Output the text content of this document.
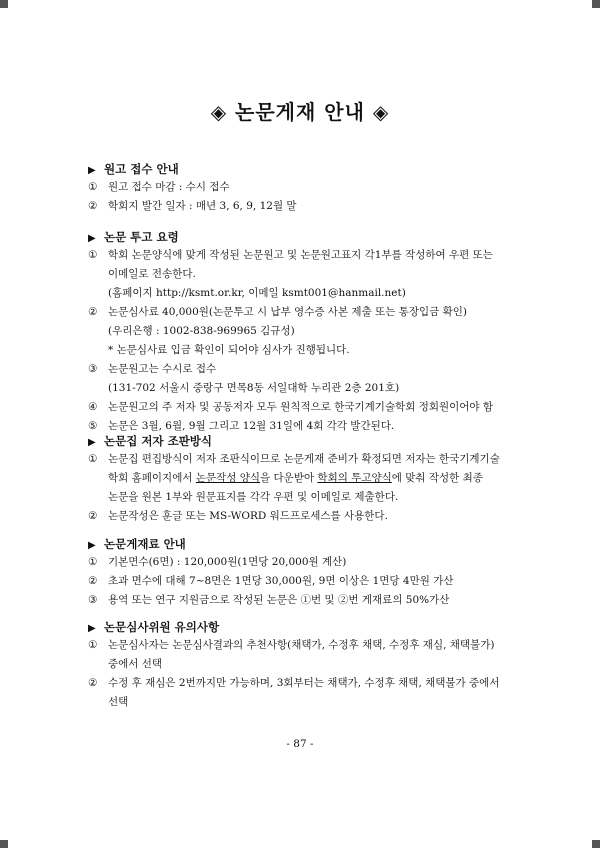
◈ 논문게재 안내 ◈
▶ 원고 접수 안내
① 원고 접수 마감 : 수시 접수
② 학회지 발간 일자 : 매년 3, 6, 9, 12월 말
▶ 논문 투고 요령
① 학회 논문양식에 맞게 작성된 논문원고 및 논문원고표지 각1부를 작성하여 우편 또는
이메일로 전송한다.
(홈페이지 http://ksmt.or.kr, 이메일 ksmt001@hanmail.net)
② 논문심사료 40,000원(논문투고 시 납부 영수증 사본 제출 또는 통장입금 확인)
(우리은행 : 1002-838-969965 김규성)
* 논문심사료 입금 확인이 되어야 심사가 진행됩니다.
③ 논문원고는 수시로 접수
(131-702 서울시 중랑구 면목8동 서일대학 누리관 2층 201호)
④ 논문원고의 주 저자 및 공동저자 모두 원칙적으로 한국기계기술학회 정회원이어야 함
⑤ 논문은 3월, 6월, 9월 그리고 12월 31일에 4회 각각 발간된다.
▶ 논문집 저자 조판방식
① 논문집 편집방식이 저자 조판식이므로 논문게재 준비가 확정되면 저자는 한국기계기술
학회 홈페이지에서 논문작성 양식을 다운받아 학회의 투고양식에 맞춰 작성한 최종
논문을 원본 1부와 원문표지를 각각 우편 및 이메일로 제출한다.
② 논문작성은 훈글 또는 MS-WORD 워드프로세스를 사용한다.
▶ 논문게재료 안내
① 기본면수(6면) : 120,000원(1면당 20,000원 계산)
② 초과 면수에 대해 7~8면은 1면당 30,000원, 9면 이상은 1면당 4만원 가산
③ 용역 또는 연구 지원금으로 작성된 논문은 ①번 및 ②번 게재료의 50%가산
▶ 논문심사위원 유의사항
① 논문심사자는 논문심사결과의 추천사항(채택가, 수정후 채택, 수정후 재심, 채택불가)
중에서 선택
② 수정 후 재심은 2번까지만 가능하며, 3회부터는 채택가, 수정후 채택, 채택불가 중에서
선택
- 87 -
